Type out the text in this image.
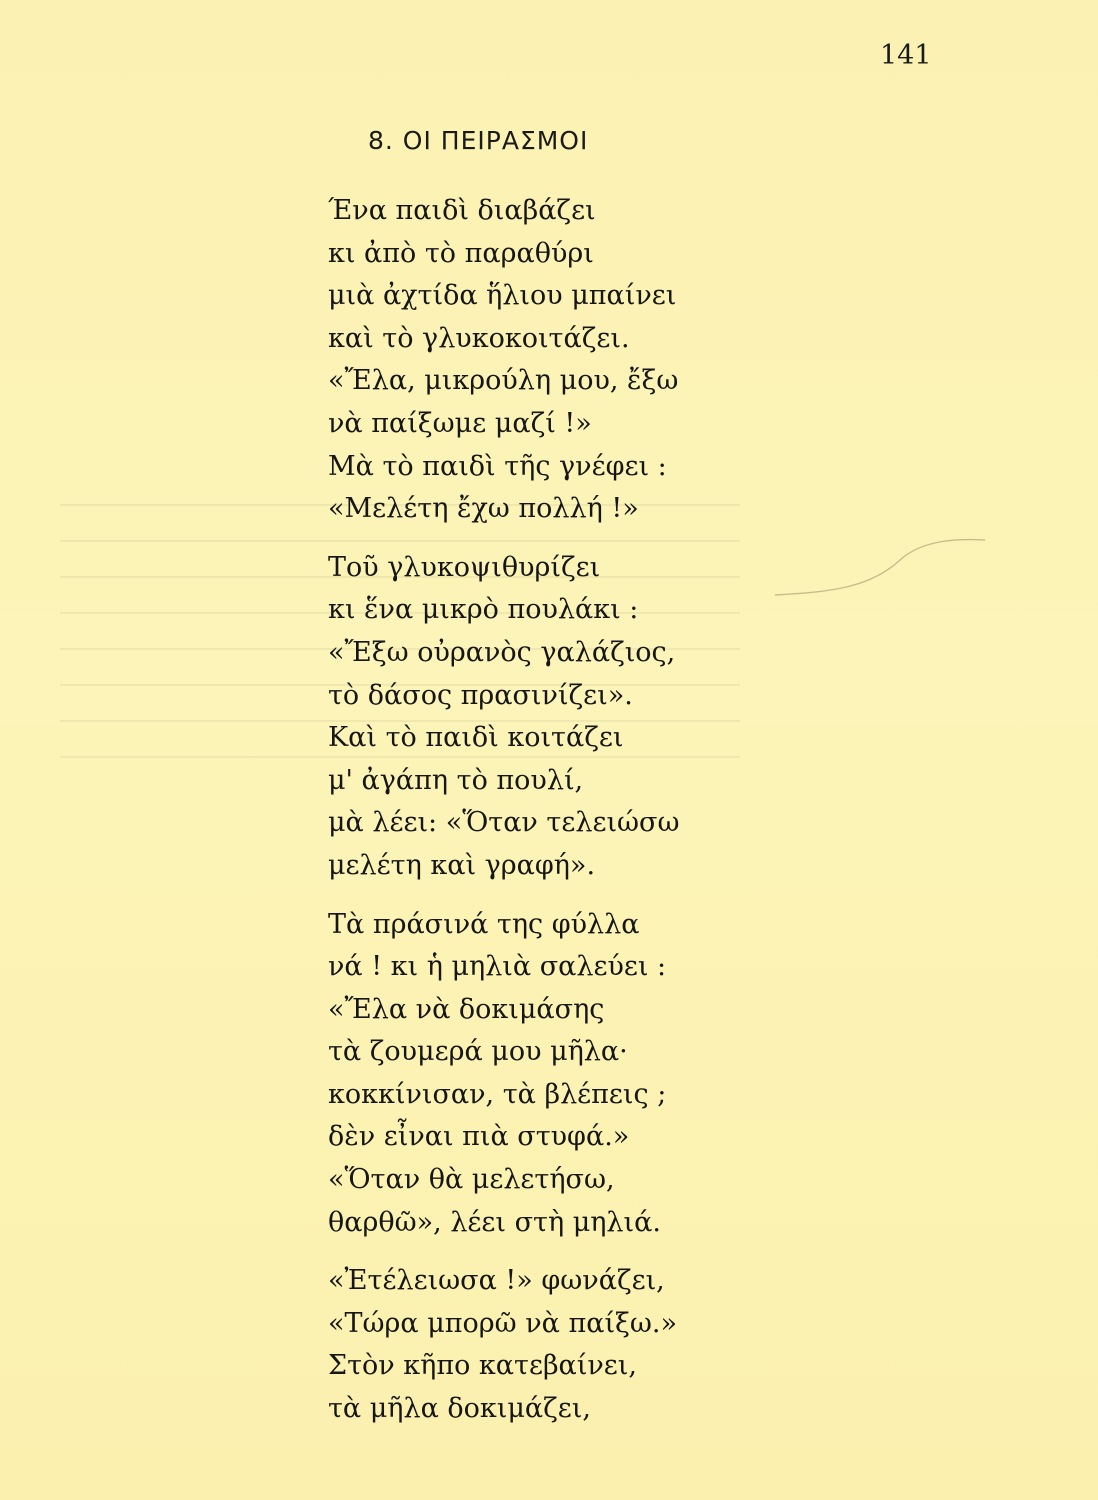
141

8. ΟΙ ΠΕΙΡΑΣΜΟΙ

Ένα παιδὶ διαβάζει
κι ἀπὸ τὸ παραθύρι
μιὰ ἀχτίδα ἥλιου μπαίνει
καὶ τὸ γλυκοκοιτάζει.
«Ἔλα, μικρούλη μου, ἔξω
νὰ παίξωμε μαζί !»
Μὰ τὸ παιδὶ τῆς γνέφει :
«Μελέτη ἔχω πολλή !»

Τοῦ γλυκοψιθυρίζει
κι ἕνα μικρὸ πουλάκι :
«Ἔξω οὐρανὸς γαλάζιος,
τὸ δάσος πρασινίζει».
Καὶ τὸ παιδὶ κοιτάζει
μ' ἀγάπη τὸ πουλί,
μὰ λέει: «Ὅταν τελειώσω
μελέτη καὶ γραφή».

Τὰ πράσινά της φύλλα
νά ! κι ἡ μηλιὰ σαλεύει :
«Ἔλα νὰ δοκιμάσης
τὰ ζουμερά μου μῆλα·
κοκκίνισαν, τὰ βλέπεις ;
δὲν εἶναι πιὰ στυφά.»
«Ὅταν θὰ μελετήσω,
θαρθῶ», λέει στὴ μηλιά.

«Ἐτέλειωσα !» φωνάζει,
«Τώρα μπορῶ νὰ παίξω.»
Στὸν κῆπο κατεβαίνει,
τὰ μῆλα δοκιμάζει,
